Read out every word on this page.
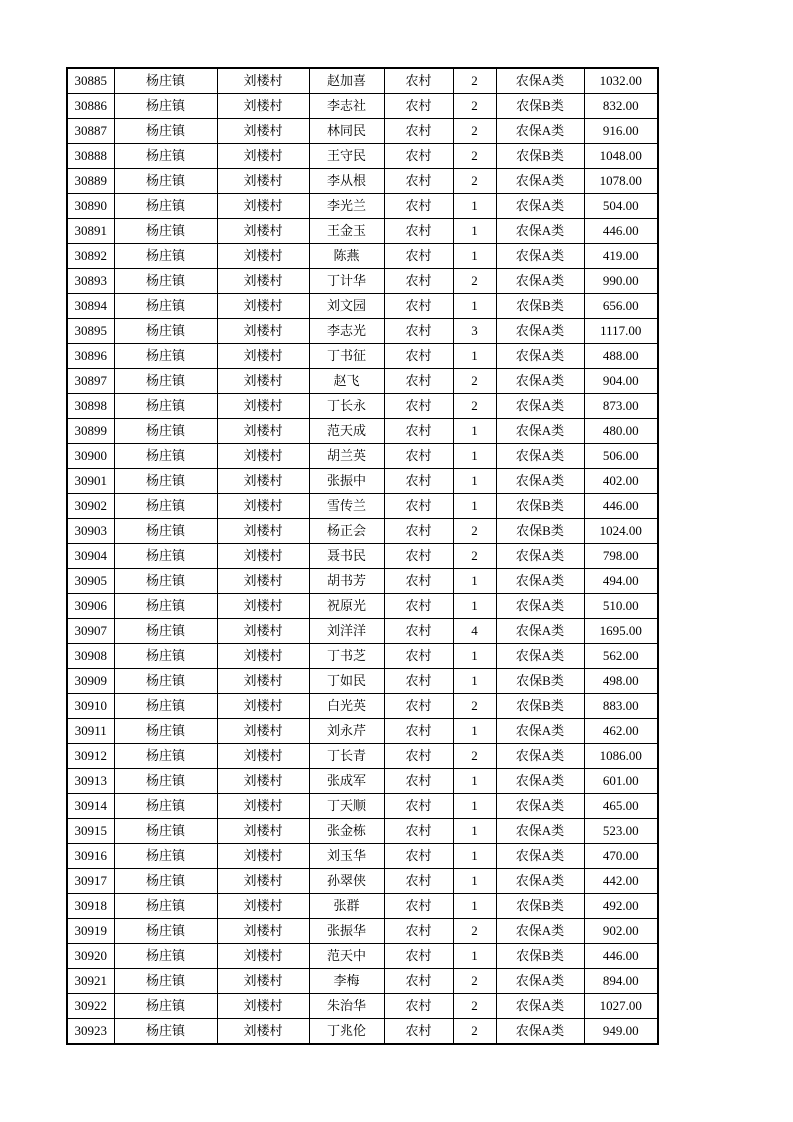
30885	杨庄镇	刘楼村	赵加喜	农村	2	农保A类	1032.00
30886	杨庄镇	刘楼村	李志社	农村	2	农保B类	832.00
30887	杨庄镇	刘楼村	林同民	农村	2	农保A类	916.00
30888	杨庄镇	刘楼村	王守民	农村	2	农保B类	1048.00
30889	杨庄镇	刘楼村	李从根	农村	2	农保A类	1078.00
30890	杨庄镇	刘楼村	李光兰	农村	1	农保A类	504.00
30891	杨庄镇	刘楼村	王金玉	农村	1	农保A类	446.00
30892	杨庄镇	刘楼村	陈燕	农村	1	农保A类	419.00
30893	杨庄镇	刘楼村	丁计华	农村	2	农保A类	990.00
30894	杨庄镇	刘楼村	刘文园	农村	1	农保B类	656.00
30895	杨庄镇	刘楼村	李志光	农村	3	农保A类	1117.00
30896	杨庄镇	刘楼村	丁书征	农村	1	农保A类	488.00
30897	杨庄镇	刘楼村	赵飞	农村	2	农保A类	904.00
30898	杨庄镇	刘楼村	丁长永	农村	2	农保A类	873.00
30899	杨庄镇	刘楼村	范天成	农村	1	农保A类	480.00
30900	杨庄镇	刘楼村	胡兰英	农村	1	农保A类	506.00
30901	杨庄镇	刘楼村	张振中	农村	1	农保A类	402.00
30902	杨庄镇	刘楼村	雪传兰	农村	1	农保B类	446.00
30903	杨庄镇	刘楼村	杨正会	农村	2	农保B类	1024.00
30904	杨庄镇	刘楼村	聂书民	农村	2	农保A类	798.00
30905	杨庄镇	刘楼村	胡书芳	农村	1	农保A类	494.00
30906	杨庄镇	刘楼村	祝原光	农村	1	农保A类	510.00
30907	杨庄镇	刘楼村	刘洋洋	农村	4	农保A类	1695.00
30908	杨庄镇	刘楼村	丁书芝	农村	1	农保A类	562.00
30909	杨庄镇	刘楼村	丁如民	农村	1	农保B类	498.00
30910	杨庄镇	刘楼村	白光英	农村	2	农保B类	883.00
30911	杨庄镇	刘楼村	刘永芹	农村	1	农保A类	462.00
30912	杨庄镇	刘楼村	丁长青	农村	2	农保A类	1086.00
30913	杨庄镇	刘楼村	张成军	农村	1	农保A类	601.00
30914	杨庄镇	刘楼村	丁天顺	农村	1	农保A类	465.00
30915	杨庄镇	刘楼村	张金栋	农村	1	农保A类	523.00
30916	杨庄镇	刘楼村	刘玉华	农村	1	农保A类	470.00
30917	杨庄镇	刘楼村	孙翠侠	农村	1	农保A类	442.00
30918	杨庄镇	刘楼村	张群	农村	1	农保B类	492.00
30919	杨庄镇	刘楼村	张振华	农村	2	农保A类	902.00
30920	杨庄镇	刘楼村	范天中	农村	1	农保B类	446.00
30921	杨庄镇	刘楼村	李梅	农村	2	农保A类	894.00
30922	杨庄镇	刘楼村	朱治华	农村	2	农保A类	1027.00
30923	杨庄镇	刘楼村	丁兆伦	农村	2	农保A类	949.00
